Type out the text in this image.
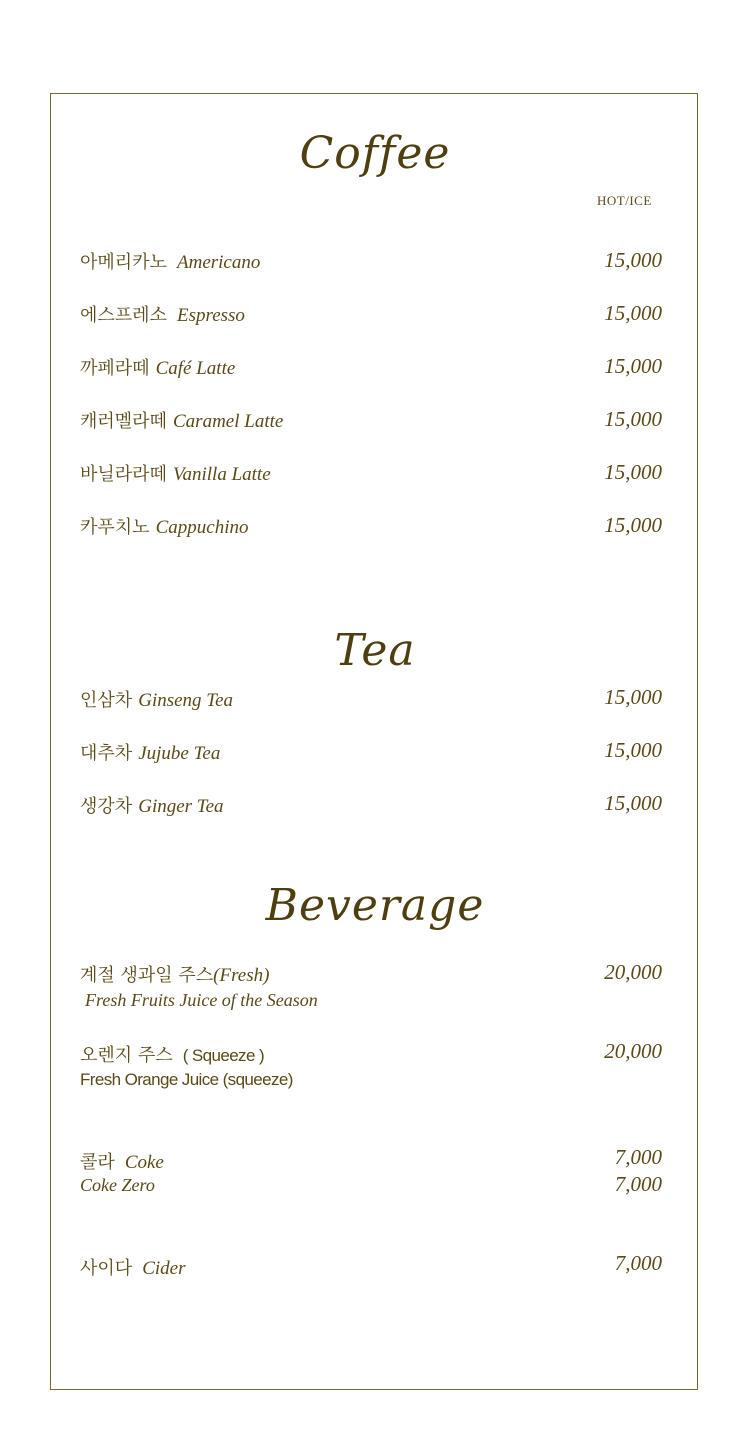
Coffee
HOT/ICE
아메리카노 Americano	15,000
에스프레소 Espresso	15,000
까페라떼 Café Latte	15,000
캐러멜라떼 Caramel Latte	15,000
바닐라라떼 Vanilla Latte	15,000
카푸치노 Cappuchino	15,000
Tea
인삼차 Ginseng Tea	15,000
대추차 Jujube Tea	15,000
생강차 Ginger Tea	15,000
Beverage
계절 생과일 주스(Fresh)	20,000
Fresh Fruits Juice of the Season
오렌지 주스 ( Squeeze )	20,000
Fresh Orange Juice (squeeze)
콜라 Coke	7,000
Coke Zero	7,000
사이다 Cider	7,000
